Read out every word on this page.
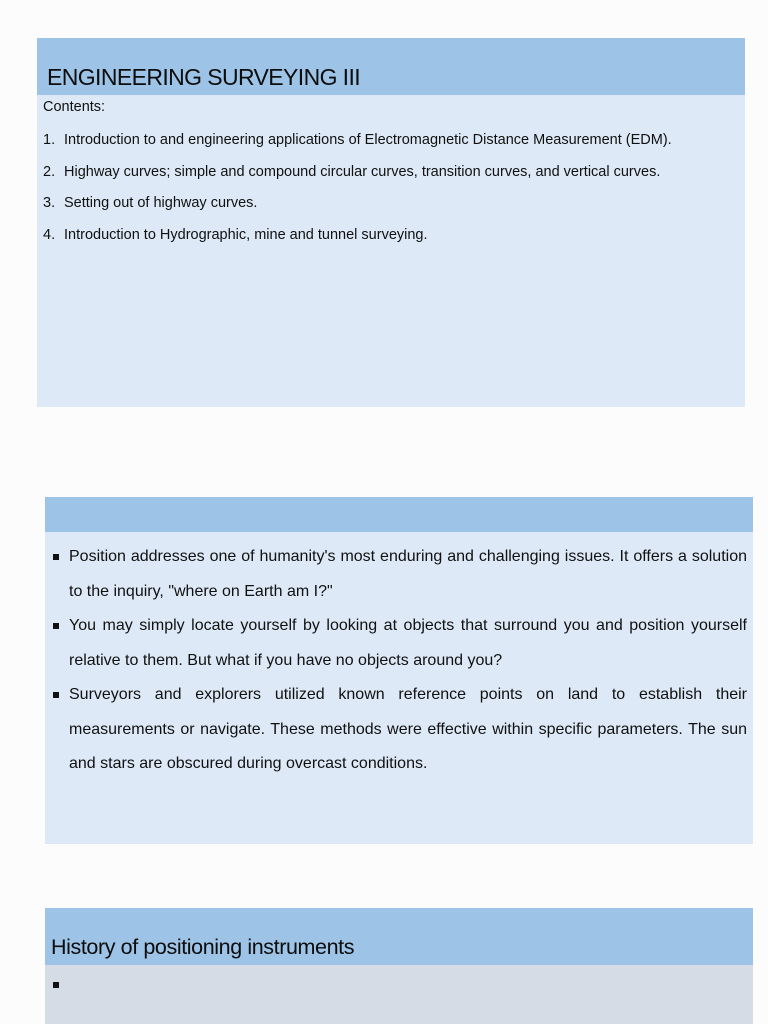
ENGINEERING SURVEYING III
Contents:
1. Introduction to and engineering applications of Electromagnetic Distance Measurement (EDM).
2. Highway curves; simple and compound circular curves, transition curves, and vertical curves.
3. Setting out of highway curves.
4. Introduction to Hydrographic, mine and tunnel surveying.
Position addresses one of humanity's most enduring and challenging issues. It offers a solution to the inquiry, "where on Earth am I?"
You may simply locate yourself by looking at objects that surround you and position yourself relative to them. But what if you have no objects around you?
Surveyors and explorers utilized known reference points on land to establish their measurements or navigate. These methods were effective within specific parameters. The sun and stars are obscured during overcast conditions.
History of positioning instruments
